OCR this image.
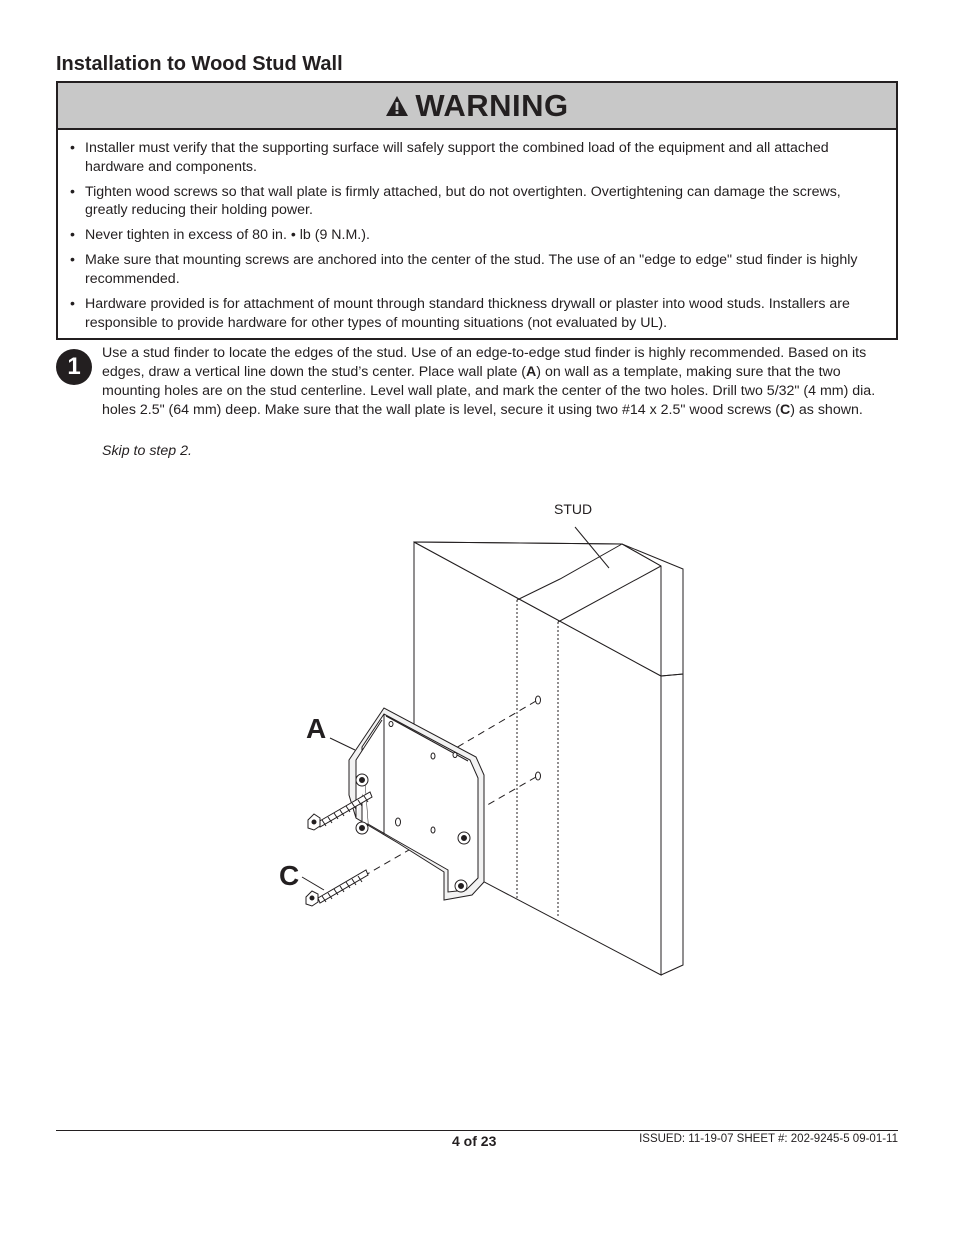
Installation to Wood Stud Wall
WARNING
• Installer must verify that the supporting surface will safely support the combined load of the equipment and all attached hardware and components.
• Tighten wood screws so that wall plate is firmly attached, but do not overtighten. Overtightening can damage the screws, greatly reducing their holding power.
• Never tighten in excess of 80 in. • lb (9 N.M.).
• Make sure that mounting screws are anchored into the center of the stud. The use of an "edge to edge" stud finder is highly recommended.
• Hardware provided is for attachment of mount through standard thickness drywall or plaster into wood studs. Installers are responsible to provide hardware for other types of mounting situations (not evaluated by UL).
1	Use a stud finder to locate the edges of the stud. Use of an edge-to-edge stud finder is highly recommended. Based on its edges, draw a vertical line down the stud’s center. Place wall plate (A) on wall as a template, making sure that the two mounting holes are on the stud centerline. Level wall plate, and mark the center of the two holes. Drill two 5/32" (4 mm) dia. holes 2.5" (64 mm) deep. Make sure that the wall plate is level, secure it using two #14 x 2.5" wood screws (C) as shown.

Skip to step 2.
STUD
A
C
4 of 23	ISSUED: 11-19-07 SHEET #: 202-9245-5 09-01-11
